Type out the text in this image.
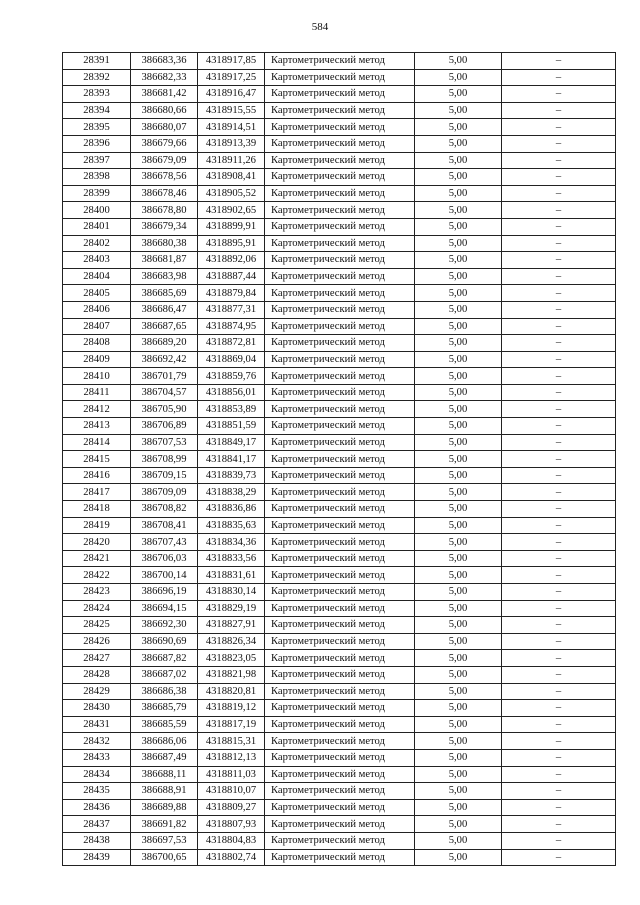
584
28391	386683,36	4318917,85	Картометрический метод	5,00	–
28392	386682,33	4318917,25	Картометрический метод	5,00	–
28393	386681,42	4318916,47	Картометрический метод	5,00	–
28394	386680,66	4318915,55	Картометрический метод	5,00	–
28395	386680,07	4318914,51	Картометрический метод	5,00	–
28396	386679,66	4318913,39	Картометрический метод	5,00	–
28397	386679,09	4318911,26	Картометрический метод	5,00	–
28398	386678,56	4318908,41	Картометрический метод	5,00	–
28399	386678,46	4318905,52	Картометрический метод	5,00	–
28400	386678,80	4318902,65	Картометрический метод	5,00	–
28401	386679,34	4318899,91	Картометрический метод	5,00	–
28402	386680,38	4318895,91	Картометрический метод	5,00	–
28403	386681,87	4318892,06	Картометрический метод	5,00	–
28404	386683,98	4318887,44	Картометрический метод	5,00	–
28405	386685,69	4318879,84	Картометрический метод	5,00	–
28406	386686,47	4318877,31	Картометрический метод	5,00	–
28407	386687,65	4318874,95	Картометрический метод	5,00	–
28408	386689,20	4318872,81	Картометрический метод	5,00	–
28409	386692,42	4318869,04	Картометрический метод	5,00	–
28410	386701,79	4318859,76	Картометрический метод	5,00	–
28411	386704,57	4318856,01	Картометрический метод	5,00	–
28412	386705,90	4318853,89	Картометрический метод	5,00	–
28413	386706,89	4318851,59	Картометрический метод	5,00	–
28414	386707,53	4318849,17	Картометрический метод	5,00	–
28415	386708,99	4318841,17	Картометрический метод	5,00	–
28416	386709,15	4318839,73	Картометрический метод	5,00	–
28417	386709,09	4318838,29	Картометрический метод	5,00	–
28418	386708,82	4318836,86	Картометрический метод	5,00	–
28419	386708,41	4318835,63	Картометрический метод	5,00	–
28420	386707,43	4318834,36	Картометрический метод	5,00	–
28421	386706,03	4318833,56	Картометрический метод	5,00	–
28422	386700,14	4318831,61	Картометрический метод	5,00	–
28423	386696,19	4318830,14	Картометрический метод	5,00	–
28424	386694,15	4318829,19	Картометрический метод	5,00	–
28425	386692,30	4318827,91	Картометрический метод	5,00	–
28426	386690,69	4318826,34	Картометрический метод	5,00	–
28427	386687,82	4318823,05	Картометрический метод	5,00	–
28428	386687,02	4318821,98	Картометрический метод	5,00	–
28429	386686,38	4318820,81	Картометрический метод	5,00	–
28430	386685,79	4318819,12	Картометрический метод	5,00	–
28431	386685,59	4318817,19	Картометрический метод	5,00	–
28432	386686,06	4318815,31	Картометрический метод	5,00	–
28433	386687,49	4318812,13	Картометрический метод	5,00	–
28434	386688,11	4318811,03	Картометрический метод	5,00	–
28435	386688,91	4318810,07	Картометрический метод	5,00	–
28436	386689,88	4318809,27	Картометрический метод	5,00	–
28437	386691,82	4318807,93	Картометрический метод	5,00	–
28438	386697,53	4318804,83	Картометрический метод	5,00	–
28439	386700,65	4318802,74	Картометрический метод	5,00	–
